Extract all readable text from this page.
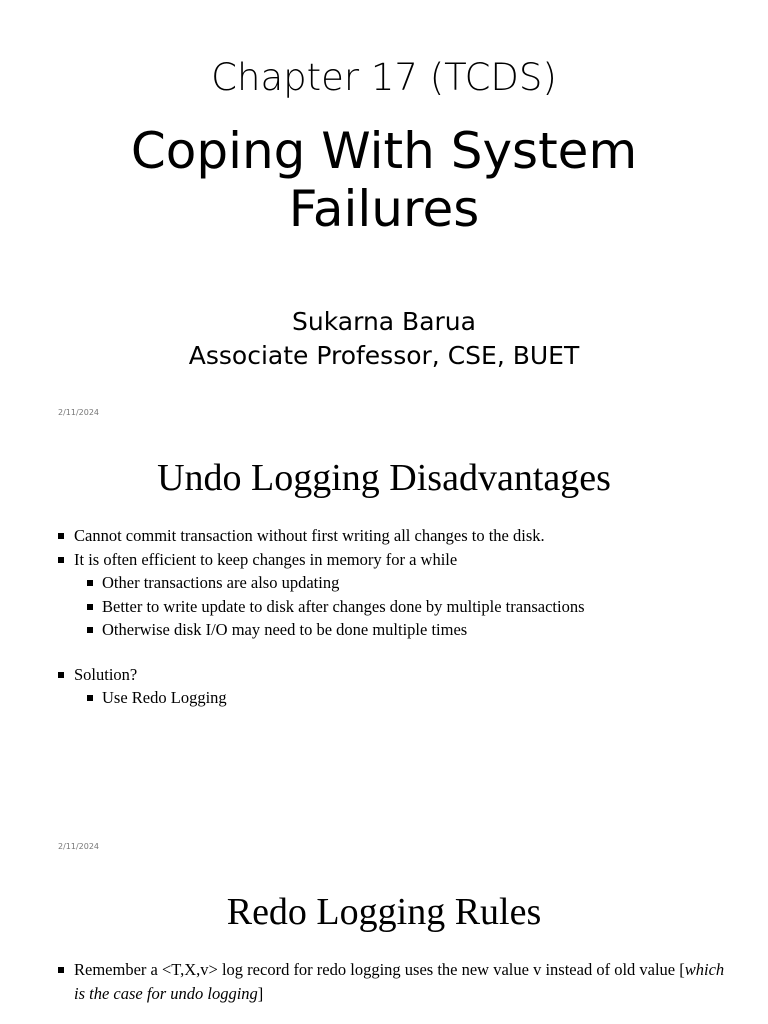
Chapter 17 (TCDS)
Coping With System
Failures
Sukarna Barua
Associate Professor, CSE, BUET
2/11/2024
Undo Logging Disadvantages
Cannot commit transaction without first writing all changes to the disk.
It is often efficient to keep changes in memory for a while
Other transactions are also updating
Better to write update to disk after changes done by multiple transactions
Otherwise disk I/O may need to be done multiple times
Solution?
Use Redo Logging
2/11/2024
Redo Logging Rules
Remember a <T,X,v> log record for redo logging uses the new value v instead of old value [which is the case for undo logging]
